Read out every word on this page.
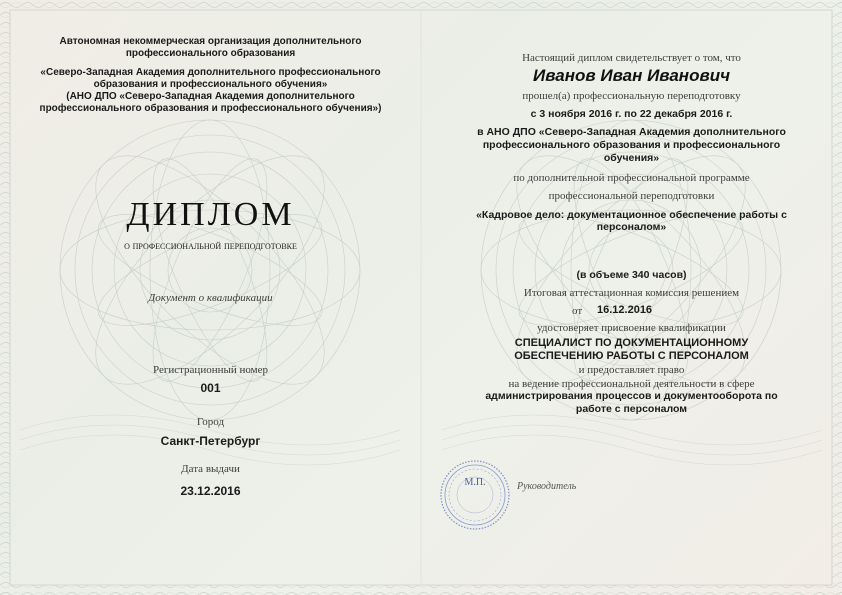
Автономная некоммерческая организация дополнительного
профессионального образования
«Северо-Западная Академия дополнительного профессионального
образования и профессионального обучения»
(АНО ДПО «Северо-Западная Академия дополнительного
профессионального образования и профессионального обучения»)
ДИПЛОМ
о профессиональной переподготовке
Документ о квалификации
Регистрационный номер
001
Город
Санкт-Петербург
Дата выдачи
23.12.2016
Настоящий диплом свидетельствует о том, что
Иванов Иван Иванович
прошел(а) профессиональную переподготовку
с 3 ноября 2016 г. по 22 декабря 2016 г.
в АНО ДПО «Северо-Западная Академия дополнительного
профессионального образования и профессионального
обучения»
по дополнительной профессиональной программе
профессиональной переподготовки
«Кадровое дело: документационное обеспечение работы с
персоналом»
(в объеме 340 часов)
Итоговая аттестационная комиссия решением
от	16.12.2016
удостоверяет присвоение квалификации
СПЕЦИАЛИСТ ПО ДОКУМЕНТАЦИОННОМУ
ОБЕСПЕЧЕНИЮ РАБОТЫ С ПЕРСОНАЛОМ
и предоставляет право
на ведение профессиональной деятельности в сфере
администрирования процессов и документооборота по
работе с персоналом
Руководитель
М.П.
